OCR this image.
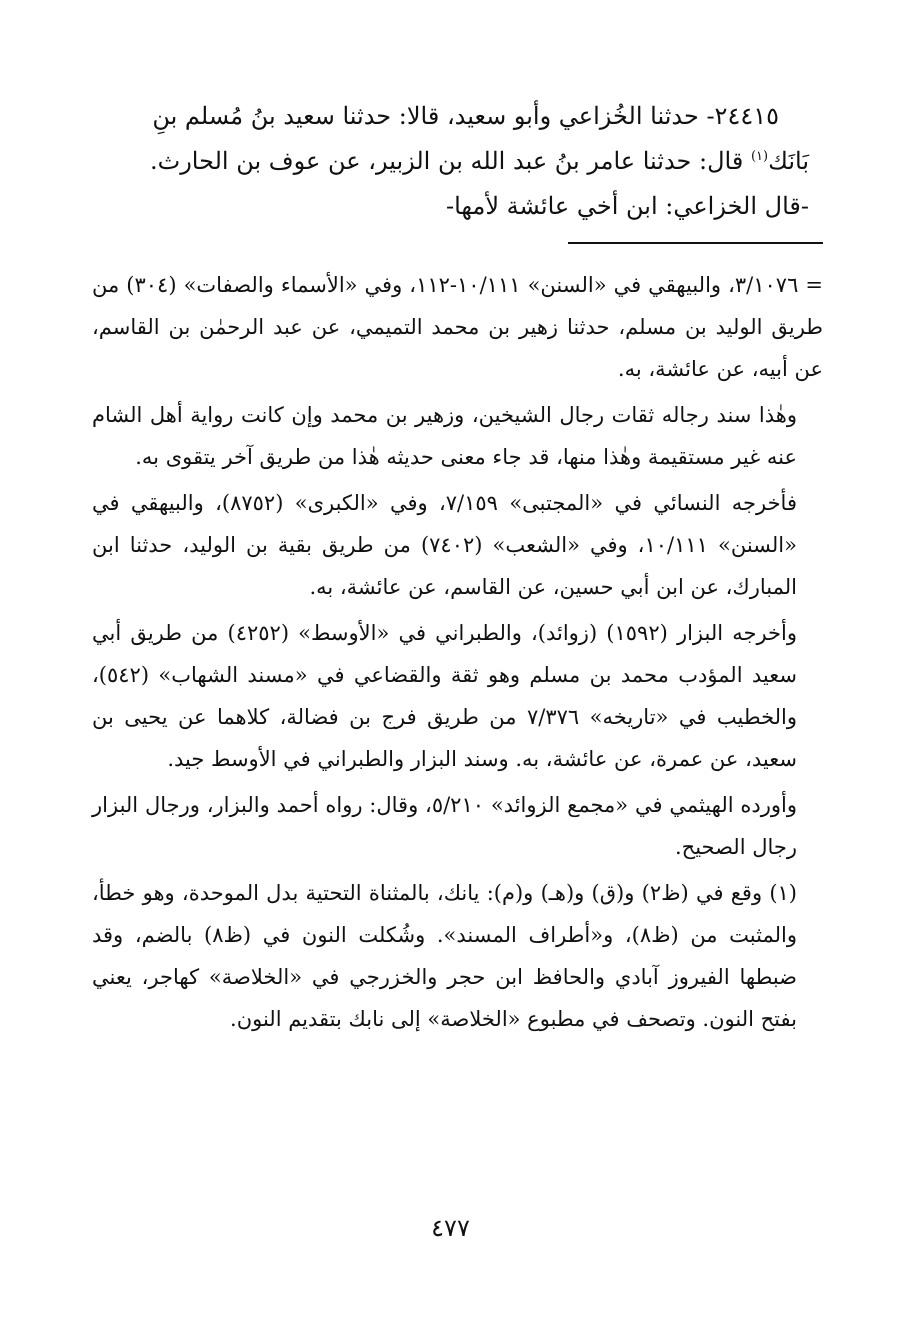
٢٤٤١٥- حدثنا الخُزاعي وأبو سعيد، قالا: حدثنا سعيد بنُ مُسلم بنِ

بَانَك$^{(١)}$ قال: حدثنا عامر بنُ عبد الله بن الزبير، عن عوف بن الحارث.

-قال الخزاعي: ابن أخي عائشة لأمها-

= ٣/١٠٧٦، والبيهقي في «السنن» ١٠/١١١-١١٢، وفي «الأسماء والصفات» (٣٠٤) من طريق الوليد بن مسلم، حدثنا زهير بن محمد التميمي، عن عبد الرحمٰن بن القاسم، عن أبيه، عن عائشة، به.

وهٰذا سند رجاله ثقات رجال الشيخين، وزهير بن محمد وإن كانت رواية أهل الشام عنه غير مستقيمة وهٰذا منها، قد جاء معنى حديثه هٰذا من طريق آخر يتقوى به.

فأخرجه النسائي في «المجتبى» ٧/١٥٩، وفي «الكبرى» (٨٧٥٢)، والبيهقي في «السنن» ١٠/١١١، وفي «الشعب» (٧٤٠٢) من طريق بقية بن الوليد، حدثنا ابن المبارك، عن ابن أبي حسين، عن القاسم، عن عائشة، به.

وأخرجه البزار (١٥٩٢) (زوائد)، والطبراني في «الأوسط» (٤٢٥٢) من طريق أبي سعيد المؤدب محمد بن مسلم وهو ثقة والقضاعي في «مسند الشهاب» (٥٤٢)، والخطيب في «تاريخه» ٧/٣٧٦ من طريق فرج بن فضالة، كلاهما عن يحيى بن سعيد، عن عمرة، عن عائشة، به. وسند البزار والطبراني في الأوسط جيد.

وأورده الهيثمي في «مجمع الزوائد» ٥/٢١٠، وقال: رواه أحمد والبزار، ورجال البزار رجال الصحيح.

(١) وقع في (ظ٢) و(ق) و(هـ) و(م): يانك، بالمثناة التحتية بدل الموحدة، وهو خطأ، والمثبت من (ظ٨)، و«أطراف المسند». وشُكلت النون في (ظ٨) بالضم، وقد ضبطها الفيروز آبادي والحافظ ابن حجر والخزرجي في «الخلاصة» كهاجر، يعني بفتح النون. وتصحف في مطبوع «الخلاصة» إلى نابك بتقديم النون.

٤٧٧
